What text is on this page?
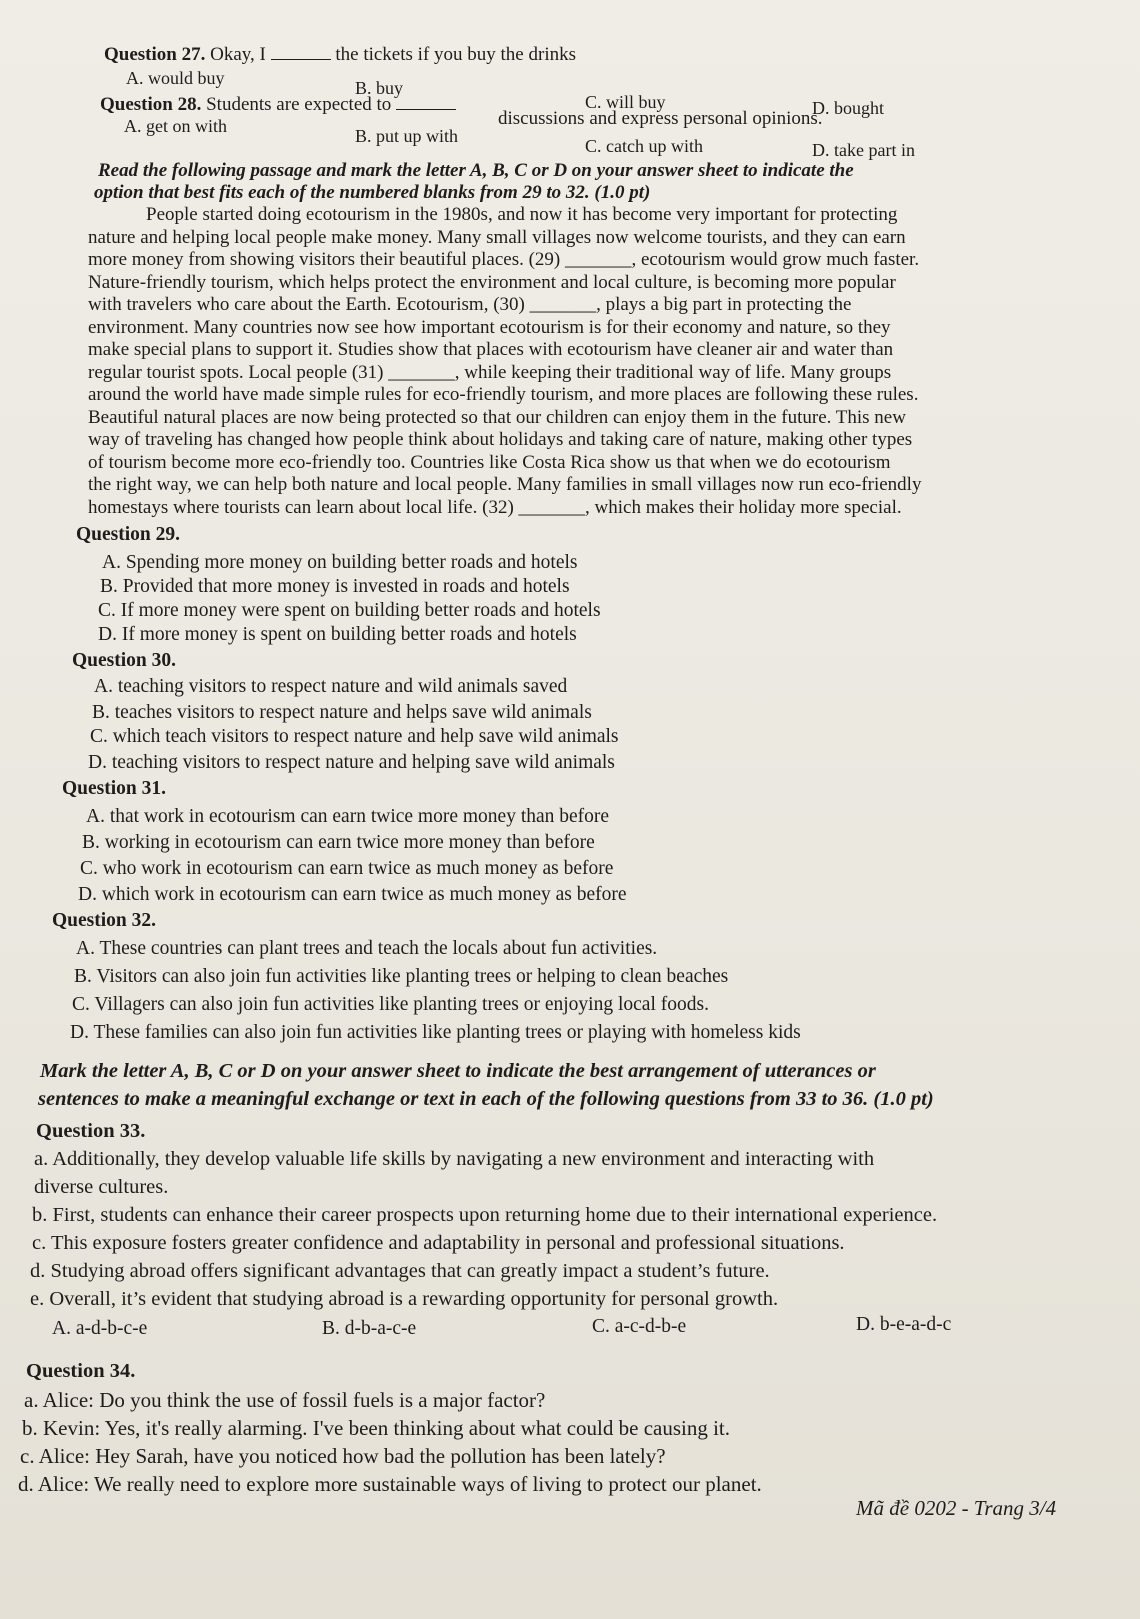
Question 27. Okay, I	the tickets if you buy the drinks
A. would buy	B. buy
C. will buy	D. bought
Question 28. Students are expected to
discussions and express personal opinions.
A. get on with	B. put up with	C. catch up with	D. take part in
Read the following passage and mark the letter A, B, C or D on your answer sheet to indicate the
option that best fits each of the numbered blanks from 29 to 32. (1.0 pt)
People started doing ecotourism in the 1980s, and now it has become very important for protecting
nature and helping local people make money. Many small villages now welcome tourists, and they can earn
more money from showing visitors their beautiful places. (29) _______, ecotourism would grow much faster.
Nature-friendly tourism, which helps protect the environment and local culture, is becoming more popular
with travelers who care about the Earth. Ecotourism, (30) _______, plays a big part in protecting the
environment. Many countries now see how important ecotourism is for their economy and nature, so they
make special plans to support it. Studies show that places with ecotourism have cleaner air and water than
regular tourist spots. Local people (31) _______, while keeping their traditional way of life. Many groups
around the world have made simple rules for eco-friendly tourism, and more places are following these rules.
Beautiful natural places are now being protected so that our children can enjoy them in the future. This new
way of traveling has changed how people think about holidays and taking care of nature, making other types
of tourism become more eco-friendly too. Countries like Costa Rica show us that when we do ecotourism
the right way, we can help both nature and local people. Many families in small villages now run eco-friendly
homestays where tourists can learn about local life. (32) _______, which makes their holiday more special.
Question 29.
A. Spending more money on building better roads and hotels
B. Provided that more money is invested in roads and hotels
C. If more money were spent on building better roads and hotels
D. If more money is spent on building better roads and hotels
Question 30.
A. teaching visitors to respect nature and wild animals saved
B. teaches visitors to respect nature and helps save wild animals
C. which teach visitors to respect nature and help save wild animals
D. teaching visitors to respect nature and helping save wild animals
Question 31.
A. that work in ecotourism can earn twice more money than before
B. working in ecotourism can earn twice more money than before
C. who work in ecotourism can earn twice as much money as before
D. which work in ecotourism can earn twice as much money as before
Question 32.
A. These countries can plant trees and teach the locals about fun activities.
B. Visitors can also join fun activities like planting trees or helping to clean beaches
C. Villagers can also join fun activities like planting trees or enjoying local foods.
D. These families can also join fun activities like planting trees or playing with homeless kids
Mark the letter A, B, C or D on your answer sheet to indicate the best arrangement of utterances or
sentences to make a meaningful exchange or text in each of the following questions from 33 to 36. (1.0 pt)
Question 33.
a. Additionally, they develop valuable life skills by navigating a new environment and interacting with
diverse cultures.
b. First, students can enhance their career prospects upon returning home due to their international experience.
c. This exposure fosters greater confidence and adaptability in personal and professional situations.
d. Studying abroad offers significant advantages that can greatly impact a student’s future.
e. Overall, it’s evident that studying abroad is a rewarding opportunity for personal growth.
A. a-d-b-c-e	B. d-b-a-c-e	C. a-c-d-b-e	D. b-e-a-d-c
Question 34.
a. Alice: Do you think the use of fossil fuels is a major factor?
b. Kevin: Yes, it's really alarming. I've been thinking about what could be causing it.
c. Alice: Hey Sarah, have you noticed how bad the pollution has been lately?
d. Alice: We really need to explore more sustainable ways of living to protect our planet.
Mã đề 0202 - Trang 3/4
